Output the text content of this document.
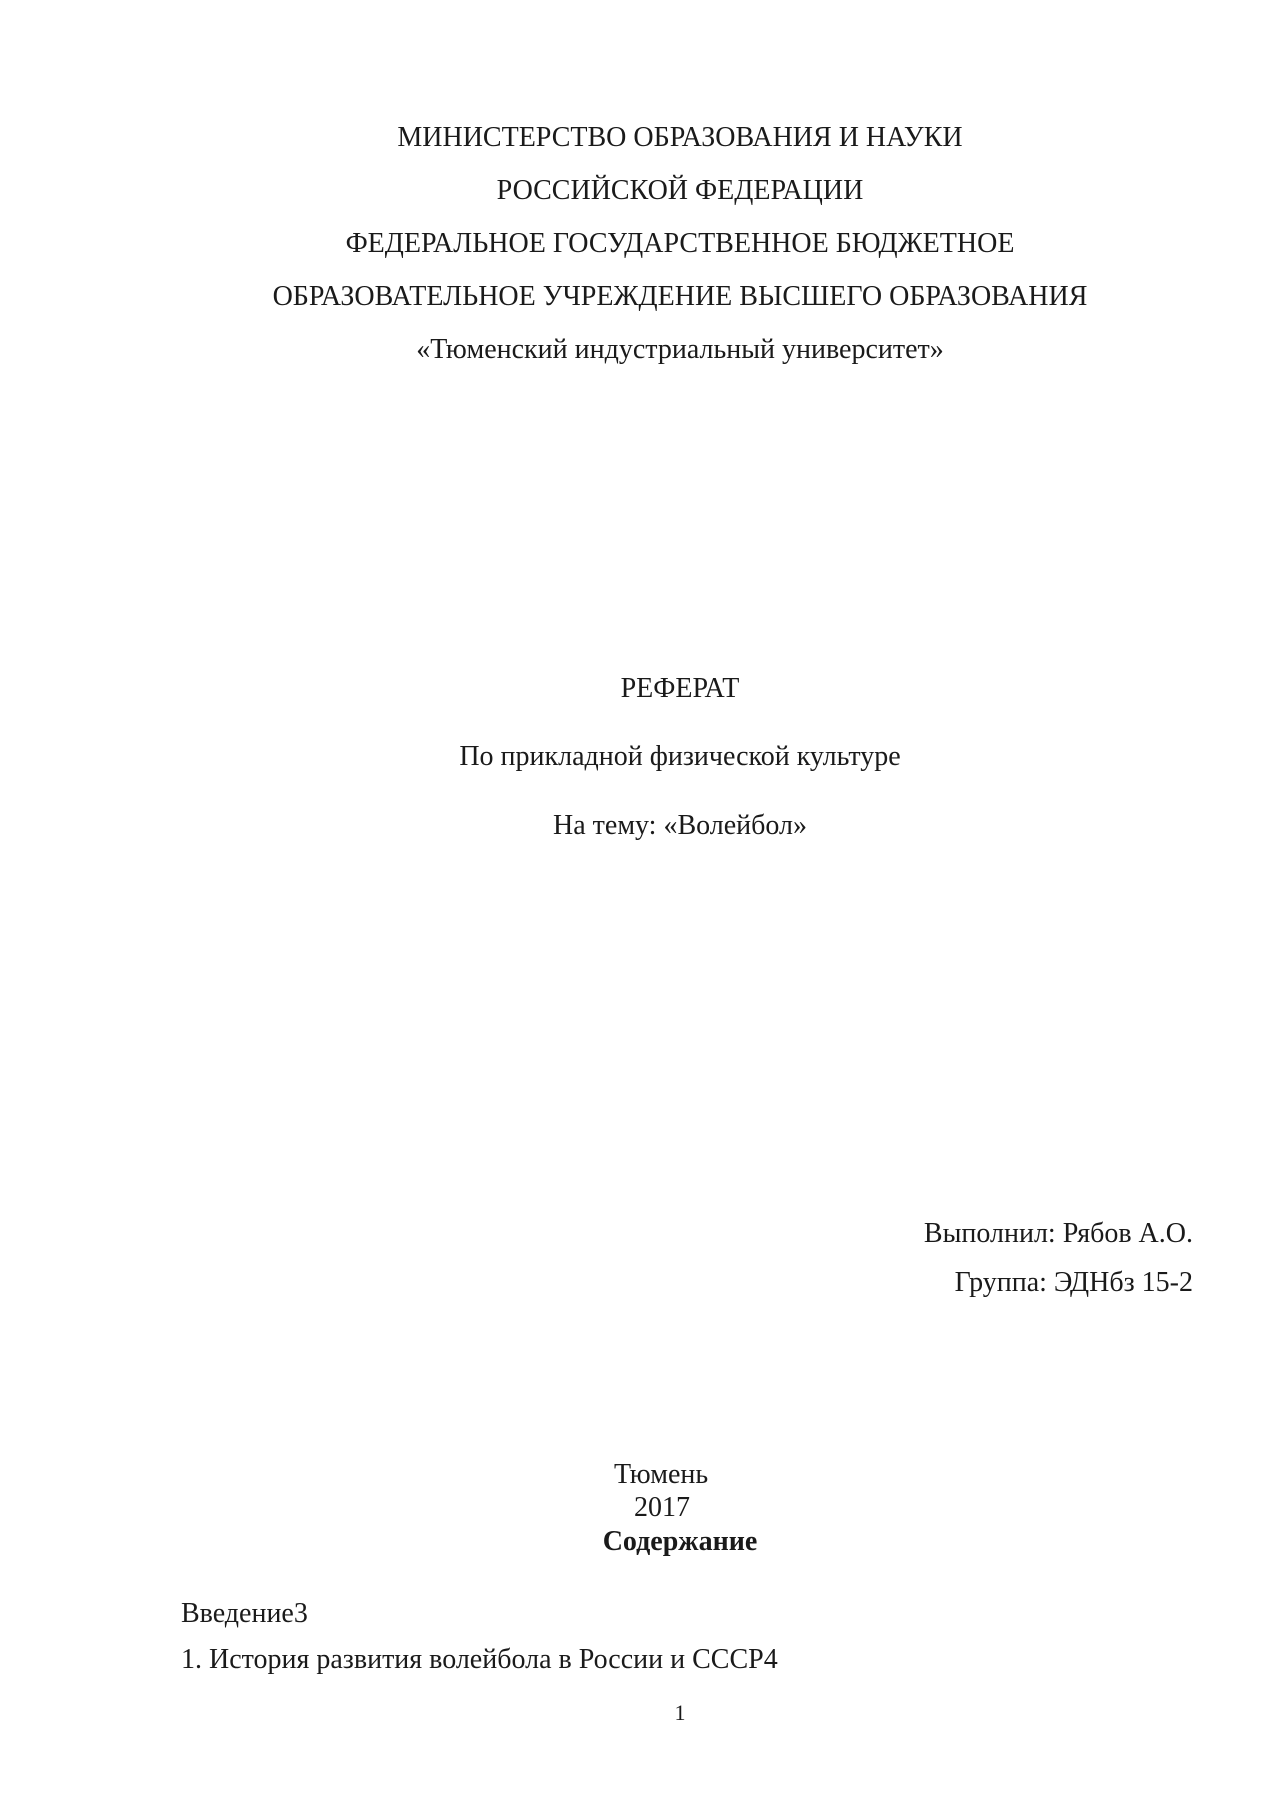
МИНИСТЕРСТВО ОБРАЗОВАНИЯ И НАУКИ
РОССИЙСКОЙ ФЕДЕРАЦИИ
ФЕДЕРАЛЬНОЕ ГОСУДАРСТВЕННОЕ БЮДЖЕТНОЕ
ОБРАЗОВАТЕЛЬНОЕ УЧРЕЖДЕНИЕ ВЫСШЕГО ОБРАЗОВАНИЯ
«Тюменский индустриальный университет»
РЕФЕРАТ
По прикладной физической культуре
На тему: «Волейбол»
Выполнил: Рябов А.О.
Группа: ЭДНбз 15-2
Тюмень
2017
Содержание
Введение3
1. История развития волейбола в России и СССР4
1
